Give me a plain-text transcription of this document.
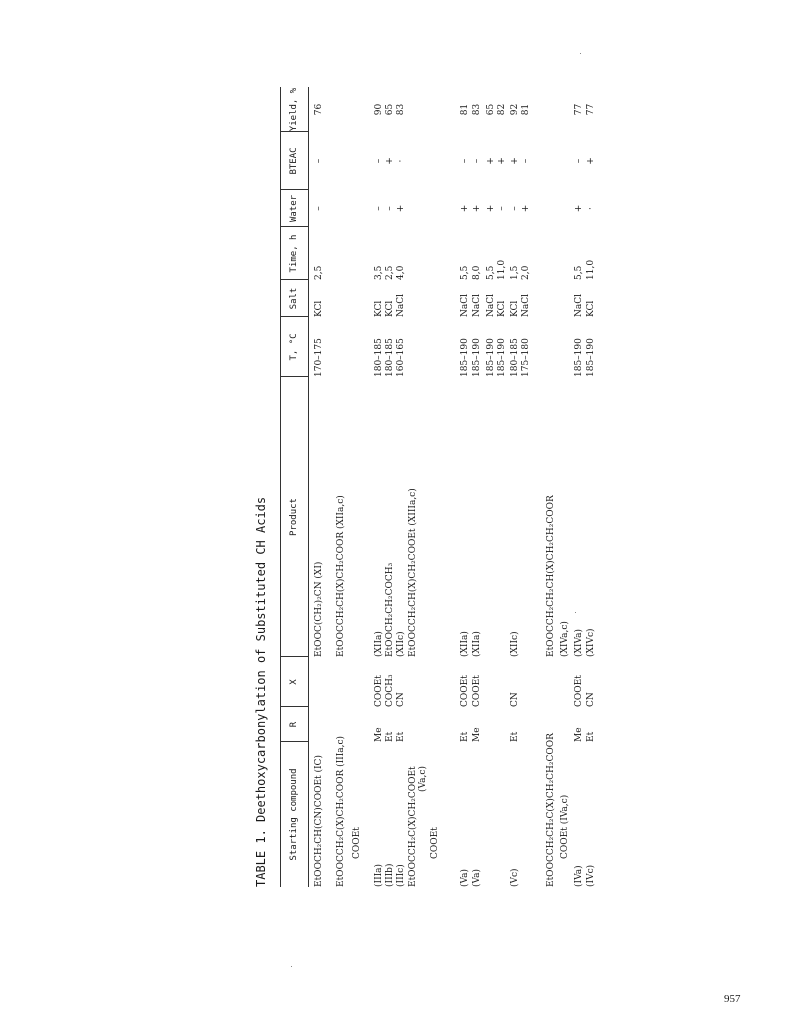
TABLE 1. Deethoxycarbonylation of Substituted CH Acids	Starting compound
R
X
Product
T, °C
Salt
Time, h
Water
BTEAC
Yield, %
EtOOCH₂CH(CN)COOEt (IC)
EtOOC(CH₂)₂CN (XI)
170–175
KCl
2,5
–
–
76
EtOOCCH₂C(X)CH₂COOR (IIIa,c)
EtOOCCH₂CH(X)CH₂COOR (XIIa,c)
COOEt
(IIIa)
Me
COOEt
(XIIa)
180–185
KCl
3,5
–
–
90
(IIIb)
Et
COCH₃
EtOOCH₂CH₂COCH₃
180–185
KCl
2,5
–
+
65
(IIIc)
Et
CN
(XIIc)
160–165
NaCl
4,0
+
·
83
EtOOCCH₂C(X)CH₂COOEt
EtOOCCH₂CH(X)CH₂COOEt (XIIIa,c)
(Va,c)
COOEt
(Va)
Et
COOEt
(XIIa)
185–190
NaCl
5,5
+
–
81
(Va)
Me
COOEt
(XIIa)
185–190
NaCl
8,0
+
–
83
185–190
NaCl
5,5
+
+
65
185–190
KCl
11,0
–
+
82
(Vc)
Et
CN
(XIIc)
180–185
KCl
1,5
–
+
92
175–180
NaCl
2,0
+
–
81
EtOOCCH₂CH₂C(X)CH₂CH₂COOR
EtOOCCH₂CH₂CH(X)CH₂CH₂COOR
COOEt (IVa,c)
(XIVa,c)
(IVa)
Me
COOEt
(XIVa)
185–190
NaCl
5,5
+
–
77
(IVc)
Et
CN
(XIVc)
185–190
KCl
11,0
·
+
77
957
